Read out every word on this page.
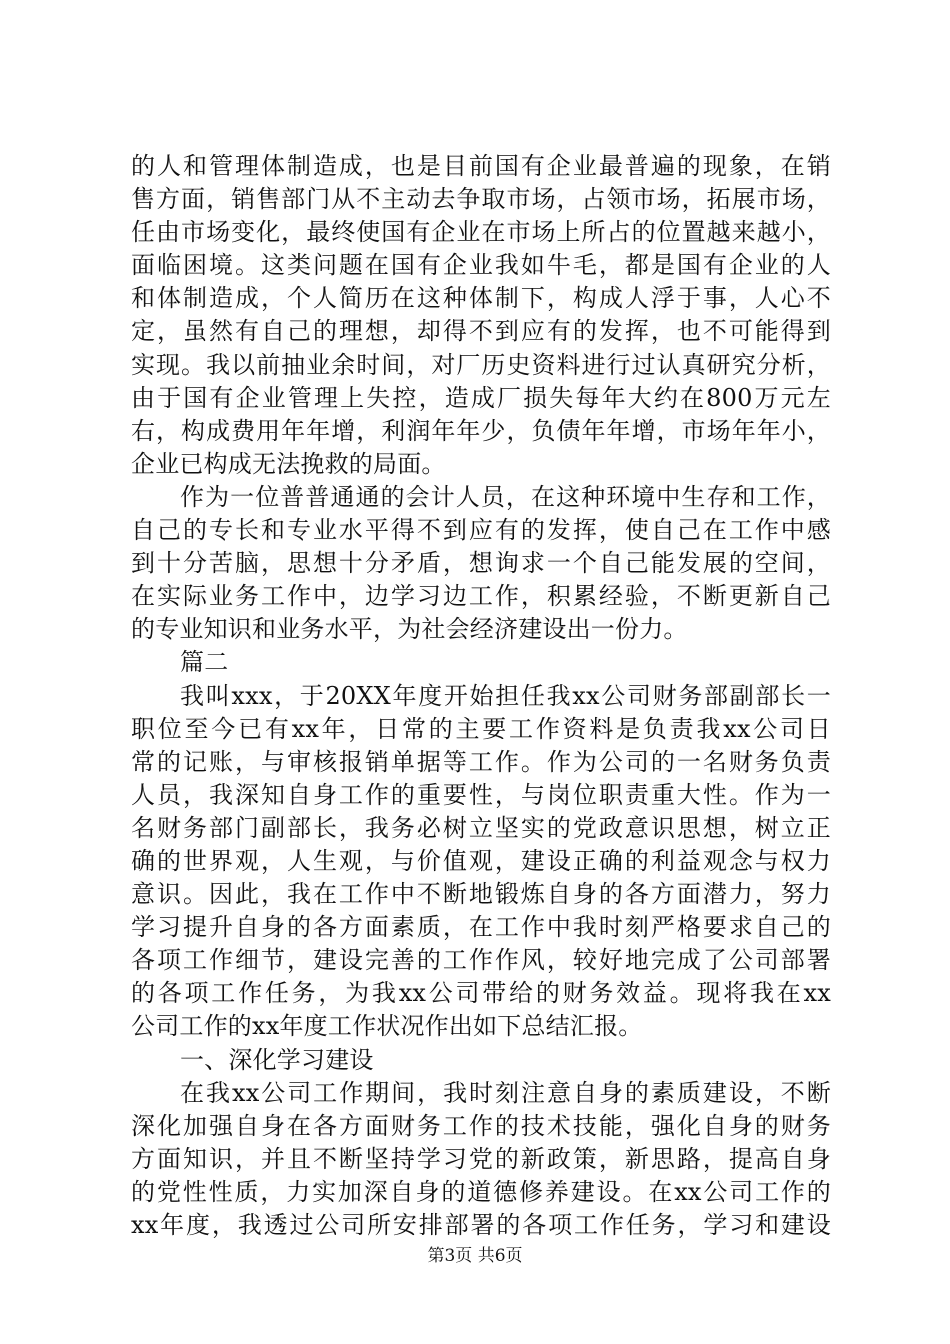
的人和管理体制造成，也是目前国有企业最普遍的现象，在销
售方面，销售部门从不主动去争取市场，占领市场，拓展市场，
任由市场变化，最终使国有企业在市场上所占的位置越来越小，
面临困境。这类问题在国有企业我如牛毛，都是国有企业的人
和体制造成，个人简历在这种体制下，构成人浮于事，人心不
定，虽然有自己的理想，却得不到应有的发挥，也不可能得到
实现。我以前抽业余时间，对厂历史资料进行过认真研究分析，
由于国有企业管理上失控，造成厂损失每年大约在800万元左
右，构成费用年年增，利润年年少，负债年年增，市场年年小，
企业已构成无法挽救的局面。
作为一位普普通通的会计人员，在这种环境中生存和工作，
自己的专长和专业水平得不到应有的发挥，使自己在工作中感
到十分苦脑，思想十分矛盾，想询求一个自己能发展的空间，
在实际业务工作中，边学习边工作，积累经验，不断更新自己
的专业知识和业务水平，为社会经济建设出一份力。
篇二
我叫xxx，于20XX年度开始担任我xx公司财务部副部长一
职位至今已有xx年，日常的主要工作资料是负责我xx公司日
常的记账，与审核报销单据等工作。作为公司的一名财务负责
人员，我深知自身工作的重要性，与岗位职责重大性。作为一
名财务部门副部长，我务必树立坚实的党政意识思想，树立正
确的世界观，人生观，与价值观，建设正确的利益观念与权力
意识。因此，我在工作中不断地锻炼自身的各方面潜力，努力
学习提升自身的各方面素质，在工作中我时刻严格要求自己的
各项工作细节，建设完善的工作作风，较好地完成了公司部署
的各项工作任务，为我xx公司带给的财务效益。现将我在xx
公司工作的xx年度工作状况作出如下总结汇报。
一、深化学习建设
在我xx公司工作期间，我时刻注意自身的素质建设，不断
深化加强自身在各方面财务工作的技术技能，强化自身的财务
方面知识，并且不断坚持学习党的新政策，新思路，提高自身
的党性性质，力实加深自身的道德修养建设。在xx公司工作的
xx年度，我透过公司所安排部署的各项工作任务，学习和建设
第3页 共6页
